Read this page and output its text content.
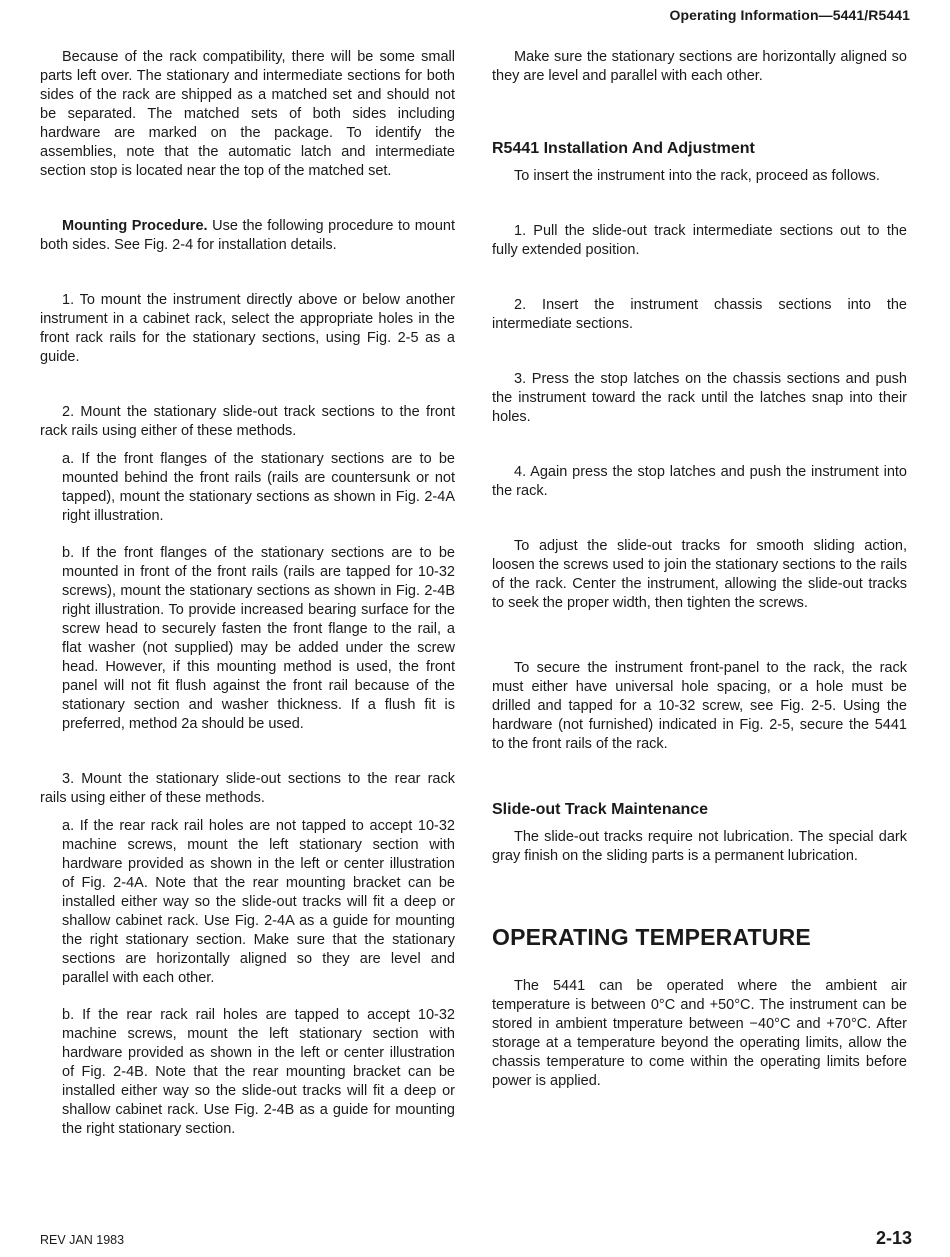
Operating Information—5441/R5441

Because of the rack compatibility, there will be some small parts left over. The stationary and intermediate sections for both sides of the rack are shipped as a matched set and should not be separated. The matched sets of both sides including hardware are marked on the package. To identify the assemblies, note that the automatic latch and intermediate section stop is located near the top of the matched set.

Mounting Procedure. Use the following procedure to mount both sides. See Fig. 2-4 for installation details.

1. To mount the instrument directly above or below another instrument in a cabinet rack, select the appropriate holes in the front rack rails for the stationary sections, using Fig. 2-5 as a guide.

2. Mount the stationary slide-out track sections to the front rack rails using either of these methods.

a. If the front flanges of the stationary sections are to be mounted behind the front rails (rails are countersunk or not tapped), mount the stationary sections as shown in Fig. 2-4A right illustration.

b. If the front flanges of the stationary sections are to be mounted in front of the front rails (rails are tapped for 10-32 screws), mount the stationary sections as shown in Fig. 2-4B right illustration. To provide increased bearing surface for the screw head to securely fasten the front flange to the rail, a flat washer (not supplied) may be added under the screw head. However, if this mounting method is used, the front panel will not fit flush against the front rail because of the stationary section and washer thickness. If a flush fit is preferred, method 2a should be used.

3. Mount the stationary slide-out sections to the rear rack rails using either of these methods.

a. If the rear rack rail holes are not tapped to accept 10-32 machine screws, mount the left stationary section with hardware provided as shown in the left or center illustration of Fig. 2-4A. Note that the rear mounting bracket can be installed either way so the slide-out tracks will fit a deep or shallow cabinet rack. Use Fig. 2-4A as a guide for mounting the right stationary section. Make sure that the stationary sections are horizontally aligned so they are level and parallel with each other.

b. If the rear rack rail holes are tapped to accept 10-32 machine screws, mount the left stationary section with hardware provided as shown in the left or center illustration of Fig. 2-4B. Note that the rear mounting bracket can be installed either way so the slide-out tracks will fit a deep or shallow cabinet rack. Use Fig. 2-4B as a guide for mounting the right stationary section.

Make sure the stationary sections are horizontally aligned so they are level and parallel with each other.

R5441 Installation And Adjustment

To insert the instrument into the rack, proceed as follows.

1. Pull the slide-out track intermediate sections out to the fully extended position.

2. Insert the instrument chassis sections into the intermediate sections.

3. Press the stop latches on the chassis sections and push the instrument toward the rack until the latches snap into their holes.

4. Again press the stop latches and push the instrument into the rack.

To adjust the slide-out tracks for smooth sliding action, loosen the screws used to join the stationary sections to the rails of the rack. Center the instrument, allowing the slide-out tracks to seek the proper width, then tighten the screws.

To secure the instrument front-panel to the rack, the rack must either have universal hole spacing, or a hole must be drilled and tapped for a 10-32 screw, see Fig. 2-5. Using the hardware (not furnished) indicated in Fig. 2-5, secure the 5441 to the front rails of the rack.

Slide-out Track Maintenance

The slide-out tracks require not lubrication. The special dark gray finish on the sliding parts is a permanent lubrication.

OPERATING TEMPERATURE

The 5441 can be operated where the ambient air temperature is between 0°C and +50°C. The instrument can be stored in ambient tmperature between −40°C and +70°C. After storage at a temperature beyond the operating limits, allow the chassis temperature to come within the operating limits before power is applied.

REV JAN 1983	2-13
